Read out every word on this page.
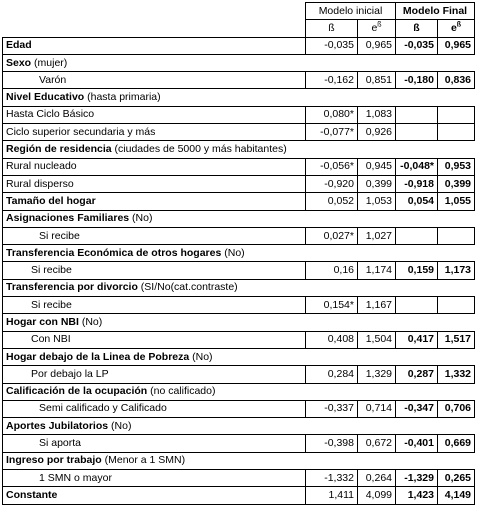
	Modelo inicial		Modelo Final	
	ß	$e^ß$	ß	$e^ß$
Edad	-0,035	0,965	-0,035	0,965
Sexo (mujer)				
Varón	-0,162	0,851	-0,180	0,836
Nivel Educativo (hasta primaria)				
Hasta Ciclo Básico	0,080*	1,083		
Ciclo superior secundaria y más	-0,077*	0,926		
Región de residencia (ciudades de 5000 y más habitantes)				
Rural nucleado	-0,056*	0,945	-0,048*	0,953
Rural disperso	-0,920	0,399	-0,918	0,399
Tamaño del hogar	0,052	1,053	0,054	1,055
Asignaciones Familiares (No)				
Si recibe	0,027*	1,027		
Transferencia Económica de otros hogares (No)				
Si recibe	0,16	1,174	0,159	1,173
Transferencia por divorcio (SI/No(cat.contraste)				
Si recibe	0,154*	1,167		
Hogar con NBI (No)				
Con NBI	0,408	1,504	0,417	1,517
Hogar debajo de la Linea de Pobreza (No)				
Por debajo la LP	0,284	1,329	0,287	1,332
Calificación de la ocupación (no calificado)				
Semi calificado y Calificado	-0,337	0,714	-0,347	0,706
Aportes Jubilatorios (No)				
Si aporta	-0,398	0,672	-0,401	0,669
Ingreso por trabajo (Menor a 1 SMN)				
1 SMN o mayor	-1,332	0,264	-1,329	0,265
Constante	1,411	4,099	1,423	4,149
